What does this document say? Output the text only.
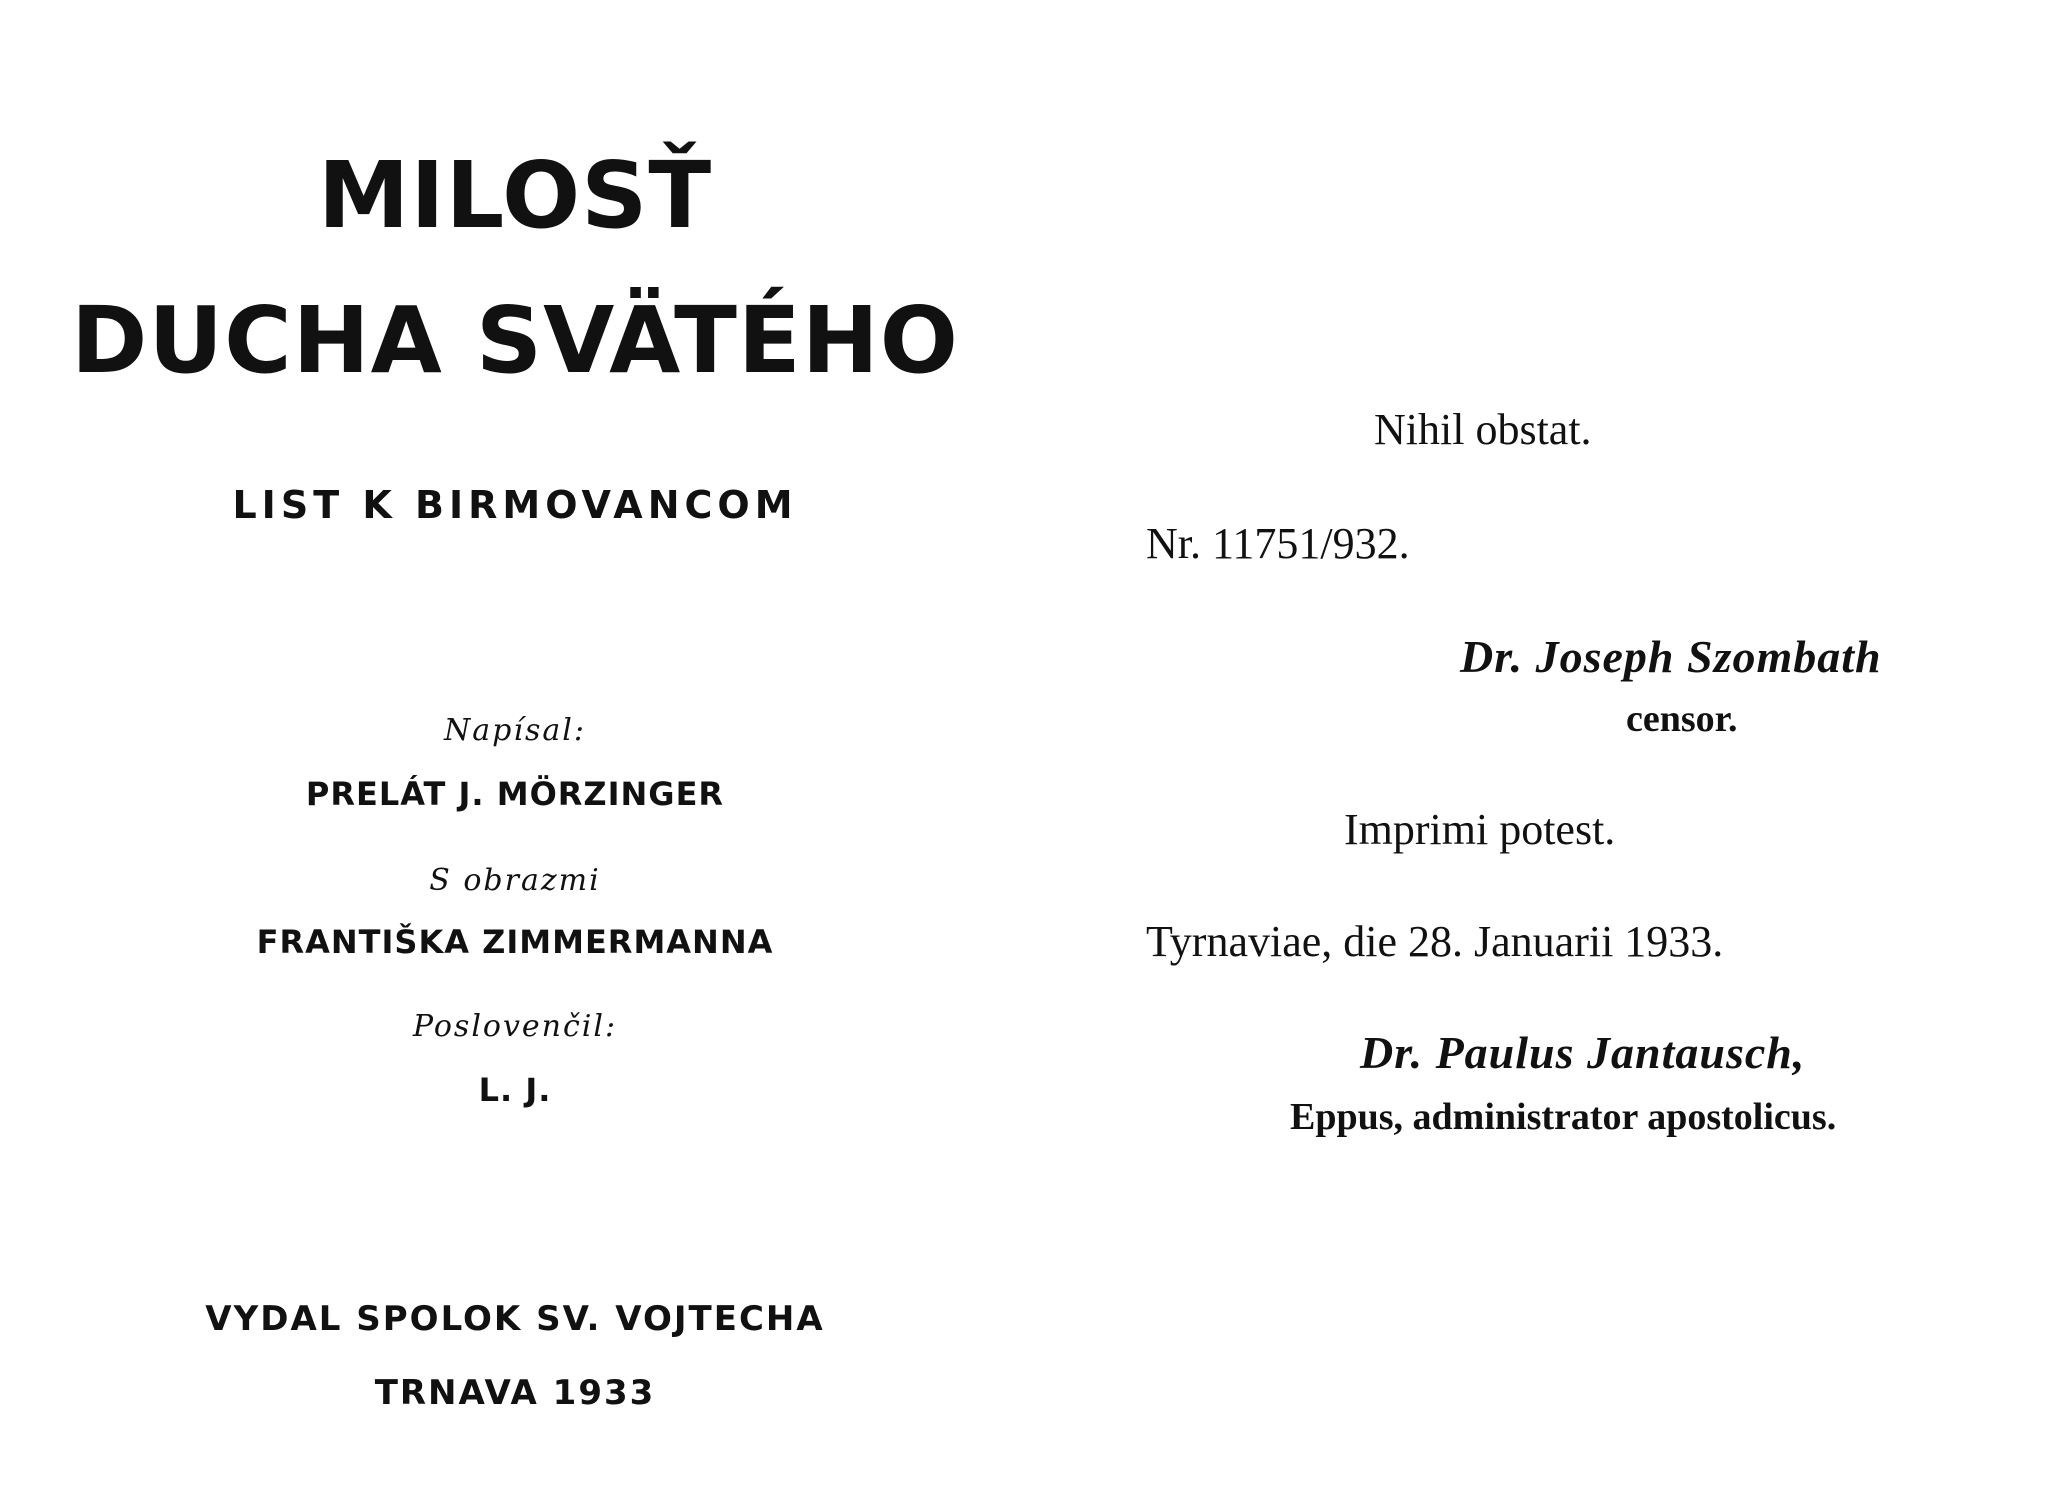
MILOSŤ
DUCHA SVÄTÉHO
LIST K BIRMOVANCOM
Napísal:
PRELÁT J. MÖRZINGER
S obrazmi
FRANTIŠKA ZIMMERMANNA
Poslovenčil:
L. J.
VYDAL SPOLOK SV. VOJTECHA
TRNAVA 1933
Nihil obstat.
Nr. 11751/932.
Dr. Joseph Szombath
censor.
Imprimi potest.
Tyrnaviae, die 28. Januarii 1933.
Dr. Paulus Jantausch,
Eppus, administrator apostolicus.
